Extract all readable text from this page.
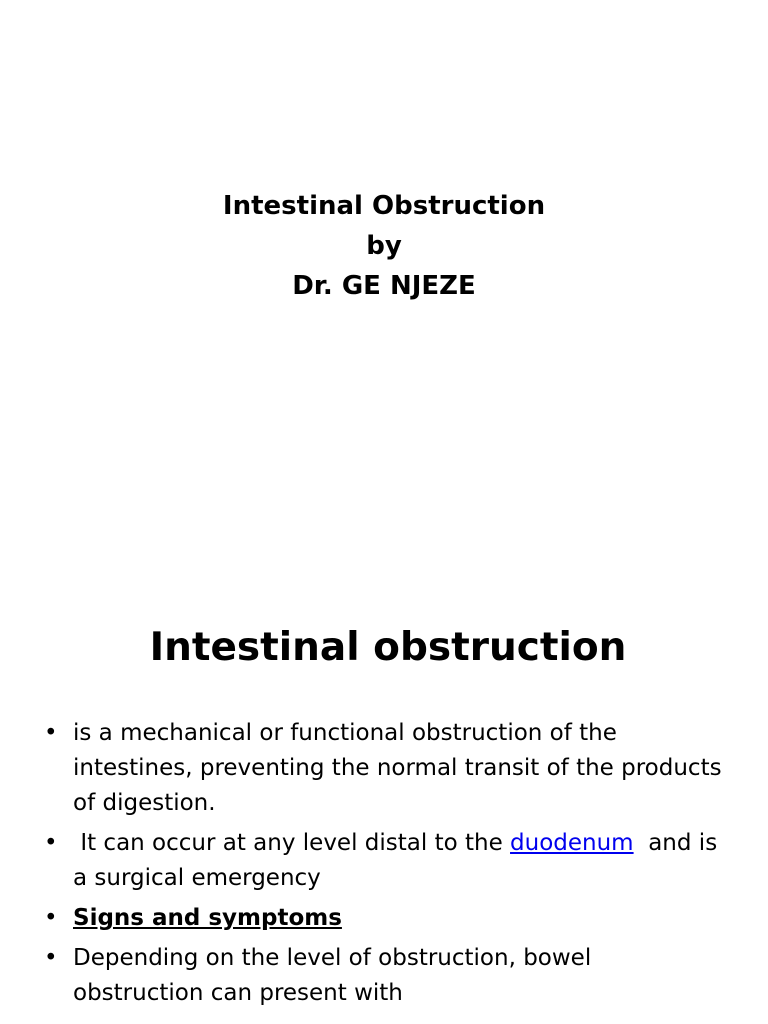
Intestinal Obstruction
by
Dr. GE NJEZE
Intestinal obstruction
• is a mechanical or functional obstruction of the intestines, preventing the normal transit of the products of digestion.
• It can occur at any level distal to the duodenum  and is a surgical emergency
• Signs and symptoms
• Depending on the level of obstruction, bowel obstruction can present with
